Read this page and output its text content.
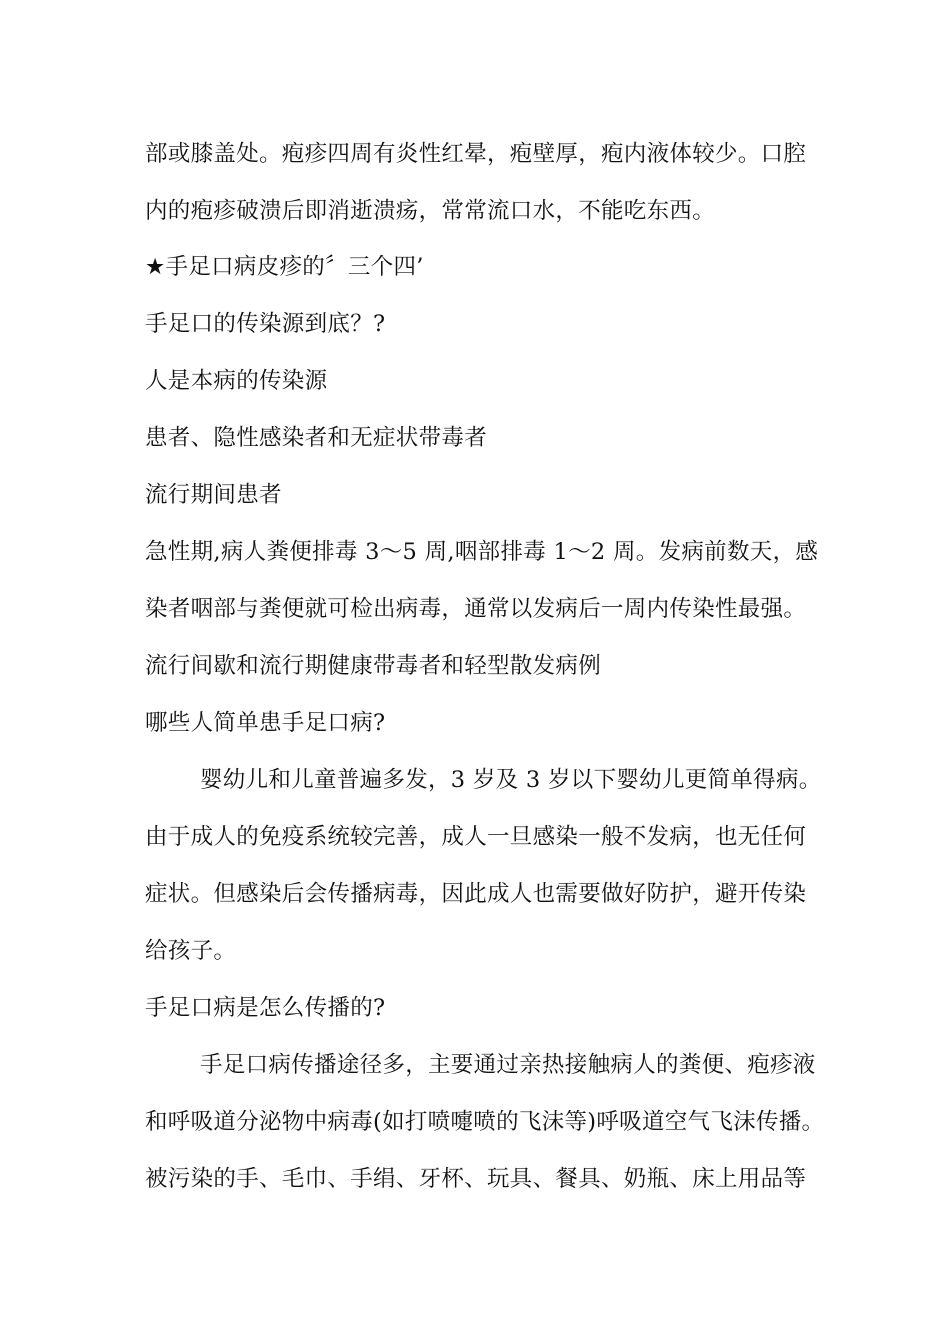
部或膝盖处。疱疹四周有炎性红晕，疱壁厚，疱内液体较少。口腔
内的疱疹破溃后即消逝溃疡，常常流口水，不能吃东西。
★手足口病皮疹的〞三个四’
手足口的传染源到底？?
人是本病的传染源
患者、隐性感染者和无症状带毒者
流行期间患者
急性期,病人粪便排毒 3～5 周,咽部排毒 1～2 周。发病前数天，感
染者咽部与粪便就可检出病毒，通常以发病后一周内传染性最强。
流行间歇和流行期健康带毒者和轻型散发病例
哪些人简单患手足口病?
婴幼儿和儿童普遍多发，3 岁及 3 岁以下婴幼儿更简单得病。
由于成人的免疫系统较完善，成人一旦感染一般不发病，也无任何
症状。但感染后会传播病毒，因此成人也需要做好防护，避开传染
给孩子。
手足口病是怎么传播的?
手足口病传播途径多，主要通过亲热接触病人的粪便、疱疹液
和呼吸道分泌物中病毒(如打喷嚏喷的飞沫等)呼吸道空气飞沫传播。
被污染的手、毛巾、手绢、牙杯、玩具、餐具、奶瓶、床上用品等
